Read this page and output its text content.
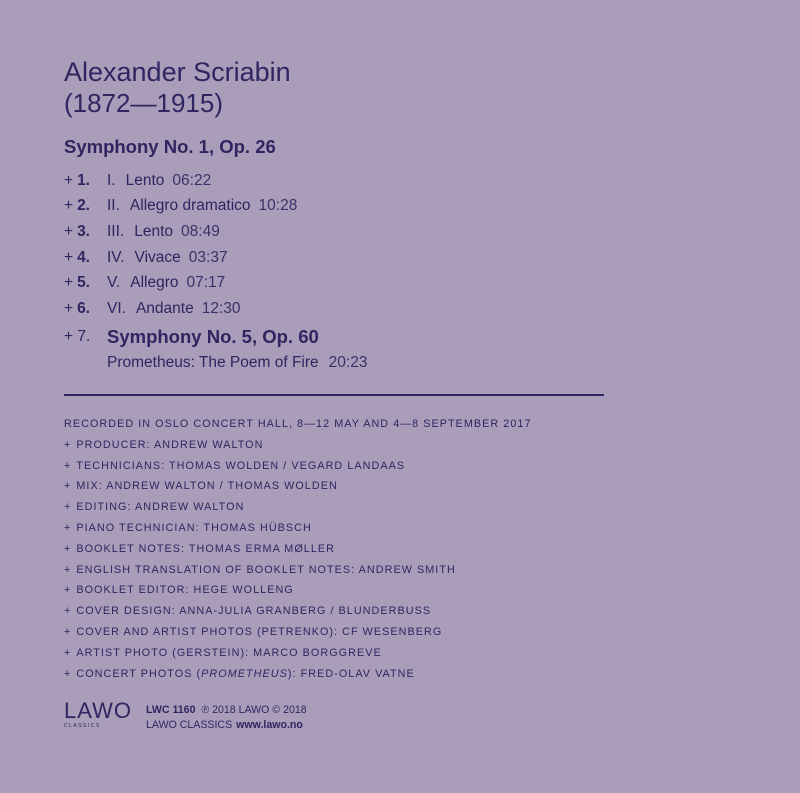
Alexander Scriabin
(1872—1915)
Symphony No. 1, Op. 26
+ 1.	I. Lento 06:22
+ 2.	II. Allegro dramatico 10:28
+ 3.	III. Lento 08:49
+ 4.	IV. Vivace 03:37
+ 5.	V. Allegro 07:17
+ 6.	VI. Andante 12:30
+ 7. Symphony No. 5, Op. 60
Prometheus: The Poem of Fire 20:23
RECORDED IN OSLO CONCERT HALL, 8—12 MAY AND 4—8 SEPTEMBER 2017
+ PRODUCER: ANDREW WALTON
+ TECHNICIANS: THOMAS WOLDEN / VEGARD LANDAAS
+ MIX: ANDREW WALTON / THOMAS WOLDEN
+ EDITING: ANDREW WALTON
+ PIANO TECHNICIAN: THOMAS HÜBSCH
+ BOOKLET NOTES: THOMAS ERMA MØLLER
+ ENGLISH TRANSLATION OF BOOKLET NOTES: ANDREW SMITH
+ BOOKLET EDITOR: HEGE WOLLENG
+ COVER DESIGN: ANNA-JULIA GRANBERG / BLUNDERBUSS
+ COVER AND ARTIST PHOTOS (PETRENKO): CF WESENBERG
+ ARTIST PHOTO (GERSTEIN): MARCO BORGGREVE
+ CONCERT PHOTOS (PROMETHEUS): FRED-OLAV VATNE
LAWO
CLASSICS
LWC 1160 ℗ 2018 LAWO © 2018
LAWO CLASSICS www.lawo.no
